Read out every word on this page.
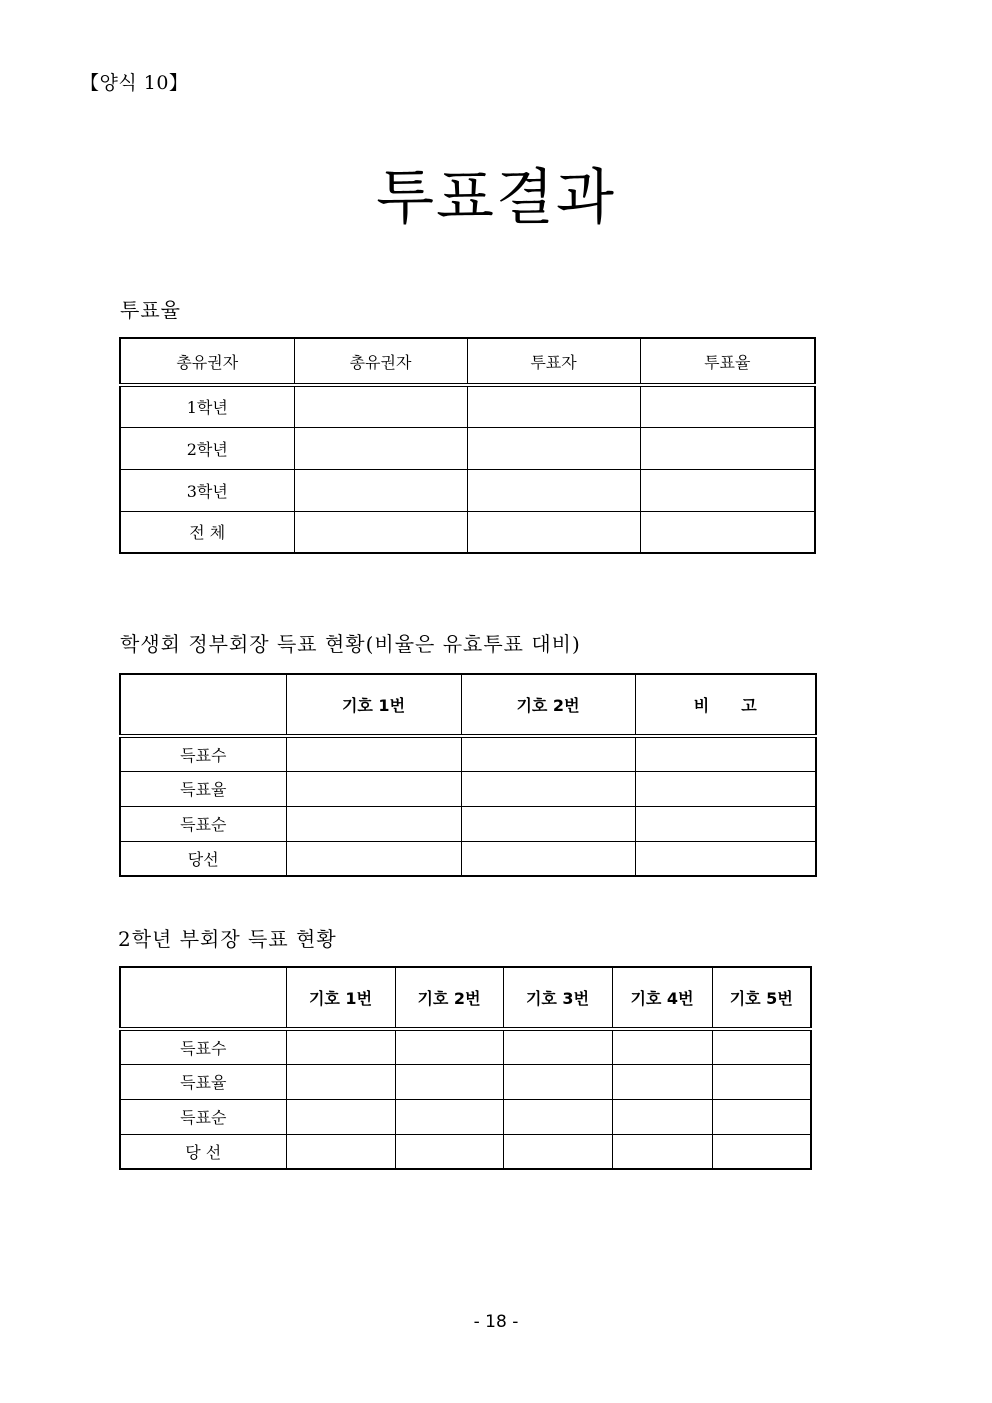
【양식 10】
투표결과
투표율
총유권자	총유권자	투표자	투표율
1학년			
2학년			
3학년			
전 체			
학생회 정부회장 득표 현황(비율은 유효투표 대비)
	기호 1번	기호 2번	비　　고
득표수			
득표율			
득표순			
당선			
2학년 부회장 득표 현황
	기호 1번	기호 2번	기호 3번	기호 4번	기호 5번
득표수					
득표율					
득표순					
당 선					
- 18 -
